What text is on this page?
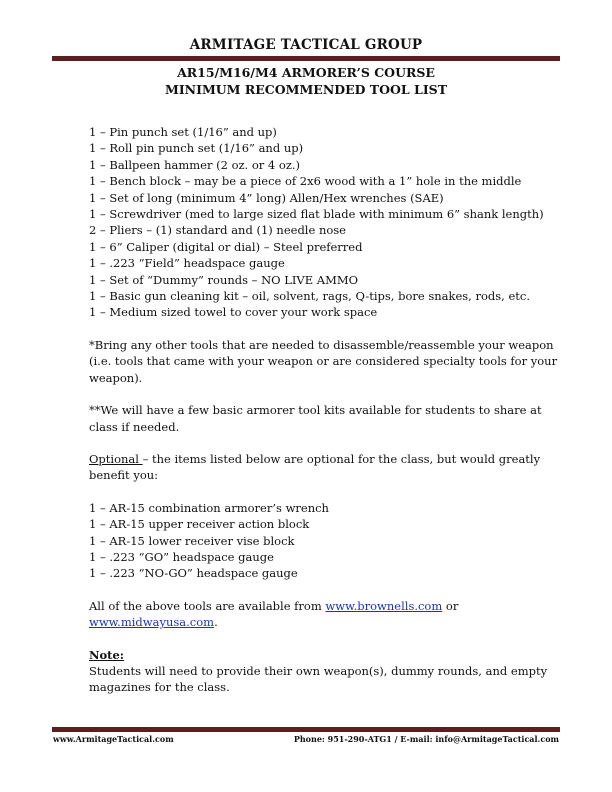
ARMITAGE TACTICAL GROUP
AR15/M16/M4 ARMORER’S COURSE
MINIMUM RECOMMENDED TOOL LIST
1 – Pin punch set (1/16” and up)
1 – Roll pin punch set (1/16” and up)
1 – Ballpeen hammer (2 oz. or 4 oz.)
1 – Bench block – may be a piece of 2x6 wood with a 1” hole in the middle
1 – Set of long (minimum 4” long) Allen/Hex wrenches (SAE)
1 – Screwdriver (med to large sized flat blade with minimum 6” shank length)
2 – Pliers – (1) standard and (1) needle nose
1 – 6” Caliper (digital or dial) – Steel preferred
1 – .223 “Field” headspace gauge
1 – Set of “Dummy” rounds – NO LIVE AMMO
1 – Basic gun cleaning kit – oil, solvent, rags, Q-tips, bore snakes, rods, etc.
1 – Medium sized towel to cover your work space

*Bring any other tools that are needed to disassemble/reassemble your weapon (i.e. tools that came with your weapon or are considered specialty tools for your weapon).

**We will have a few basic armorer tool kits available for students to share at class if needed.

Optional – the items listed below are optional for the class, but would greatly benefit you:

1 – AR-15 combination armorer’s wrench
1 – AR-15 upper receiver action block
1 – AR-15 lower receiver vise block
1 – .223 “GO” headspace gauge
1 – .223 “NO-GO” headspace gauge

All of the above tools are available from www.brownells.com or www.midwayusa.com.

Note:

Students will need to provide their own weapon(s), dummy rounds, and empty magazines for the class.

www.ArmitageTactical.com	Phone: 951-290-ATG1 / E-mail: info@ArmitageTactical.com
